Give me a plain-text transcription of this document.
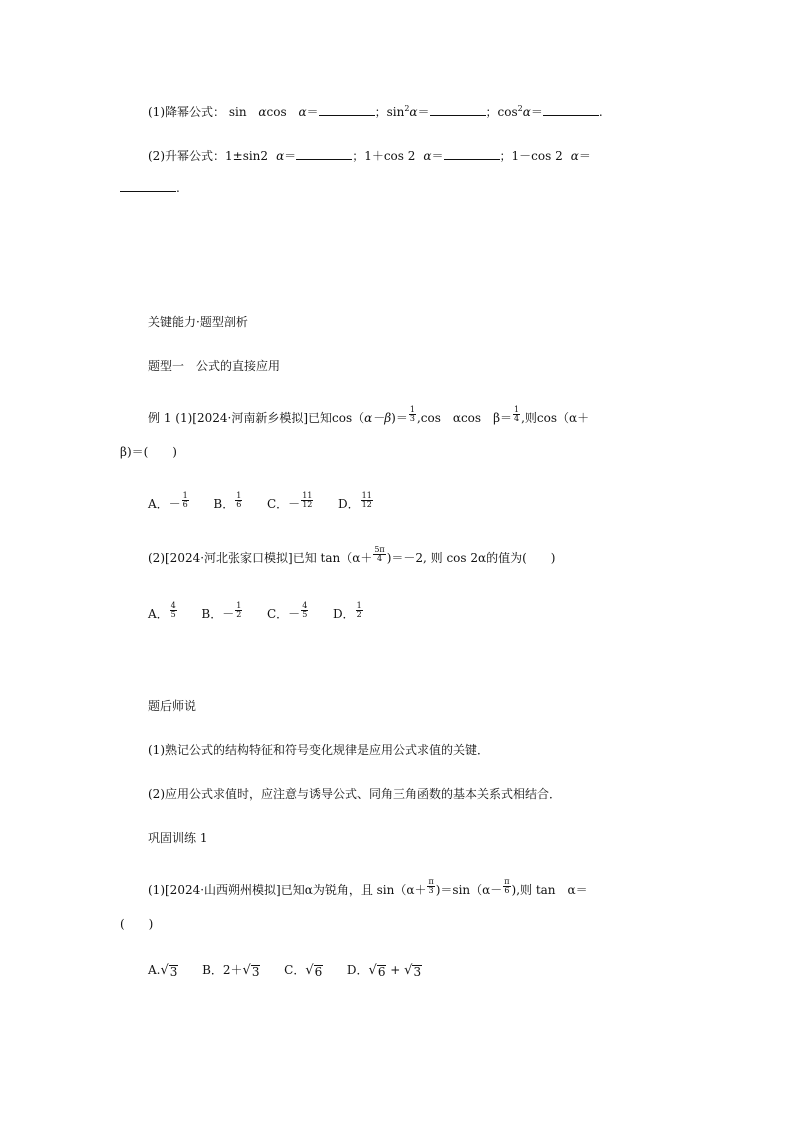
(1)降幂公式： sin αcos α＝	；$\sin^2\alpha=$	；$\cos^2\alpha=$	.
(2)升幂公式：1±sin2 α＝	；1＋cos 2 α＝	；1－cos 2 α＝
.
关键能力·题型剖析
题型一　公式的直接应用
例 1 (1)[2024·河南新乡模拟]已知$\cos(\alpha-\beta)= \frac{1}{3} ,\cos$　αcos　$\beta= \frac{1}{4}$ ,则cos（α＋
β)＝(　　)
A．－ $\frac{1}{6}$ B． $\frac{1}{6}$ C．－ $\frac{11}{12}$ D． $\frac{11}{12}$
(2)[2024·河北张家口模拟]已知 $\tan(\alpha+ \frac{5\pi}{4} )=-2$, 则 cos 2α的值为(　　)
A． $\frac{4}{5}$ B．－ $\frac{1}{2}$ C．－ $\frac{4}{5}$ D． $\frac{1}{2}$
题后师说
(1)熟记公式的结构特征和符号变化规律是应用公式求值的关键．
(2)应用公式求值时，应注意与诱导公式、同角三角函数的基本关系式相结合．
巩固训练 1
(1)[2024·山西朔州模拟]已知α为锐角，且 $\sin(\alpha+ \frac{\pi}{3} )=\sin(\alpha- \frac{\pi}{6}$ ),则 tan　α＝
(　　)
A. √ 3 B．2＋ √ 3 C． √ 6 D． √ 6 + √ 3
